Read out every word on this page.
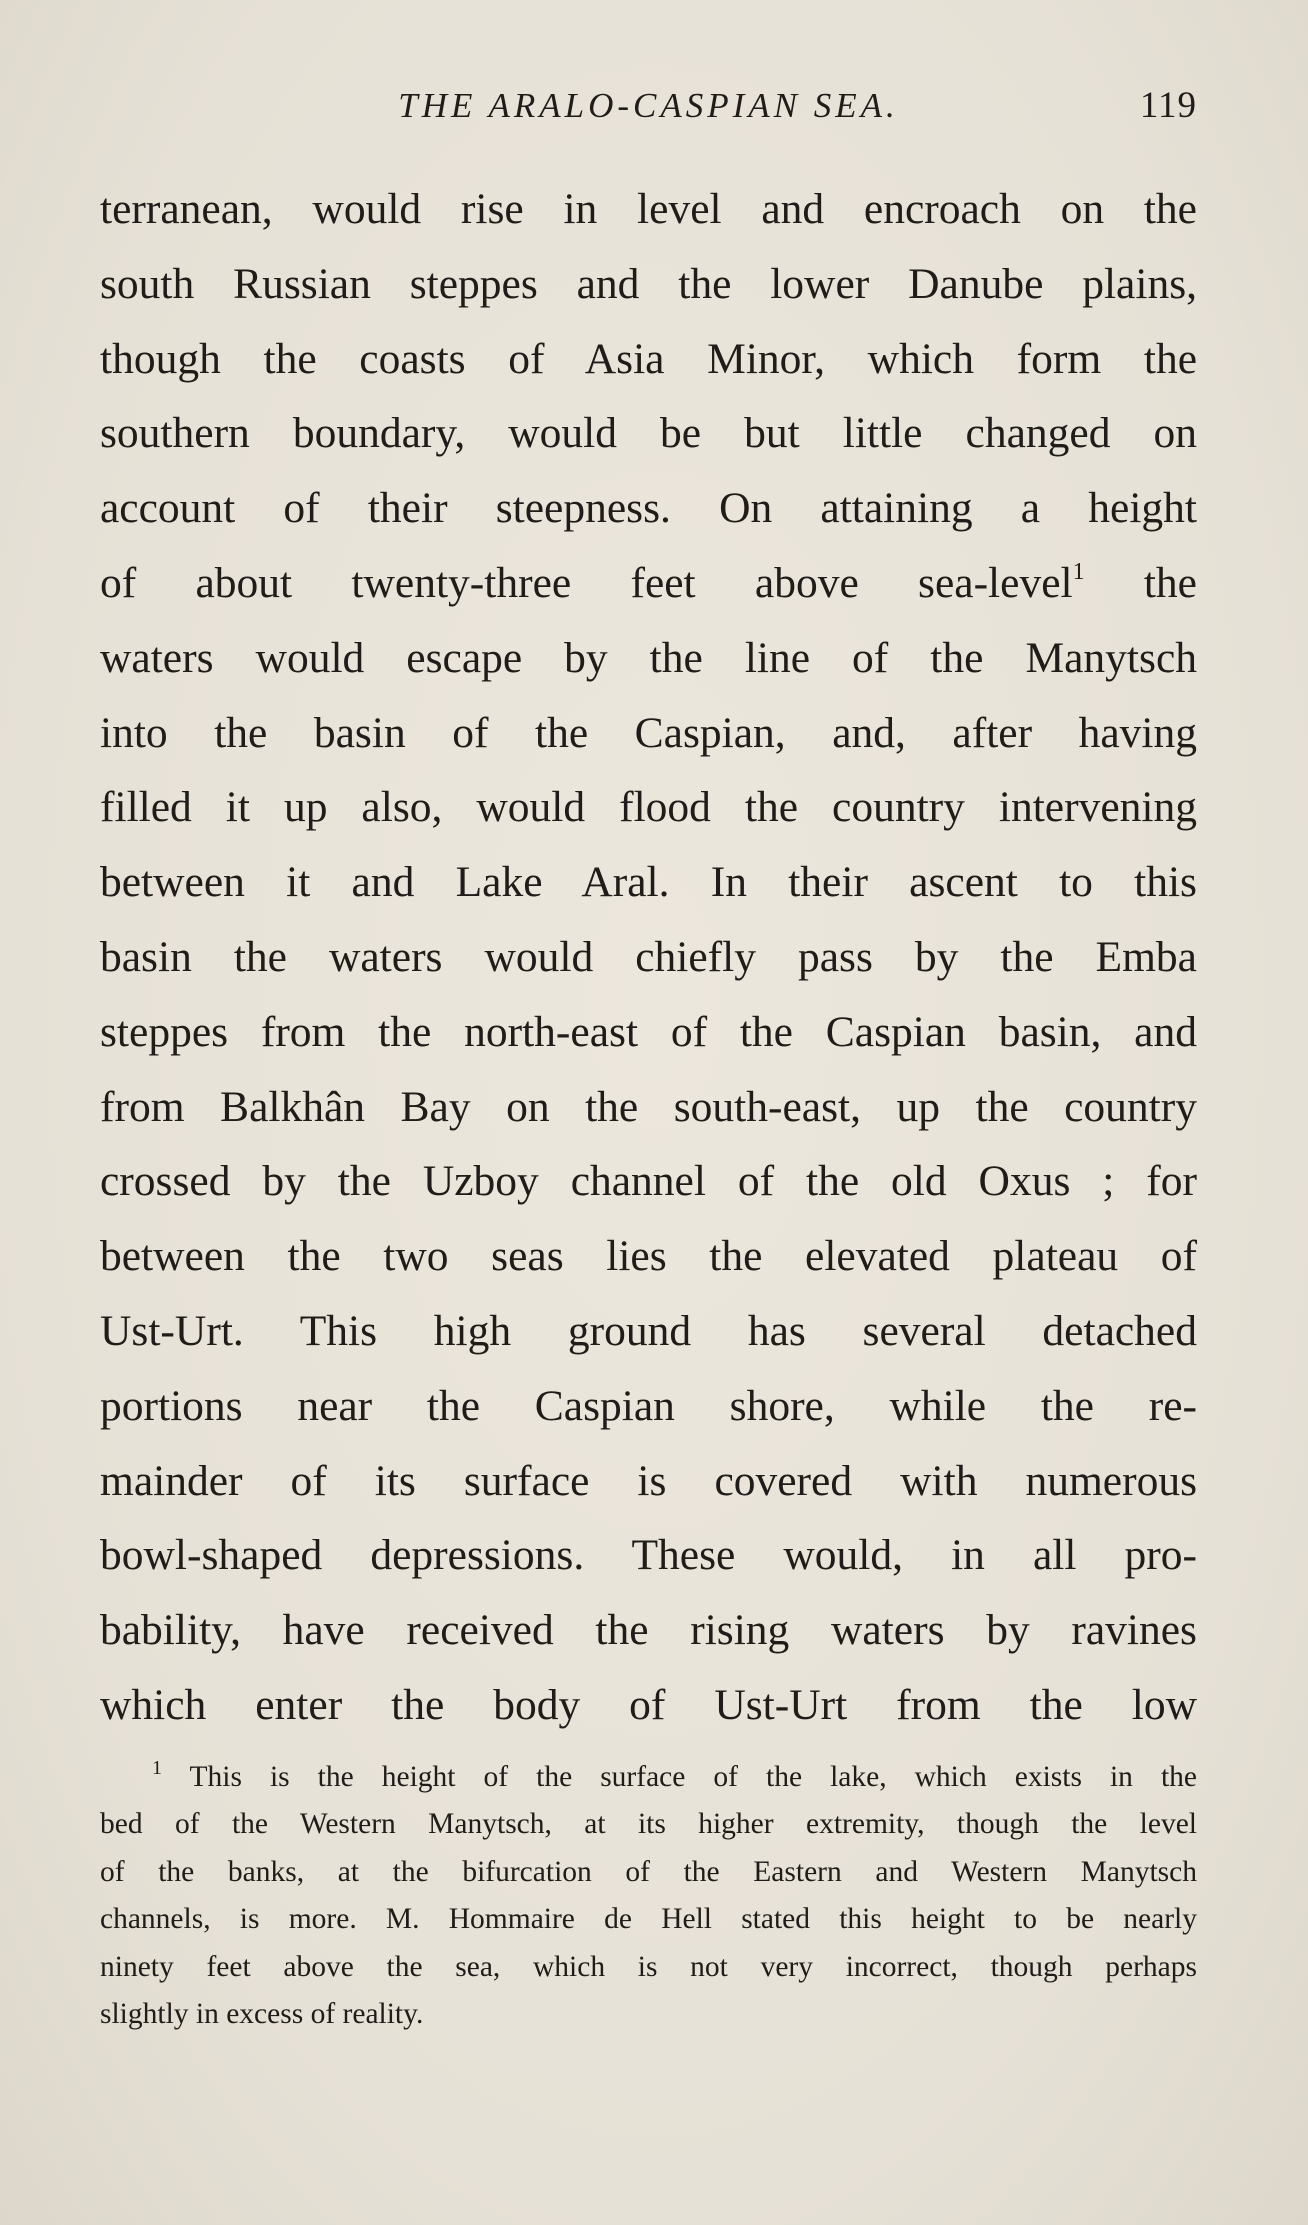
THE ARALO-CASPIAN SEA.	119
terranean, would rise in level and encroach on the
south Russian steppes and the lower Danube plains,
though the coasts of Asia Minor, which form the
southern boundary, would be but little changed on
account of their steepness. On attaining a height
of about twenty-three feet above sea-level$^1$ the
waters would escape by the line of the Manytsch
into the basin of the Caspian, and, after having
filled it up also, would flood the country intervening
between it and Lake Aral. In their ascent to this
basin the waters would chiefly pass by the Emba
steppes from the north-east of the Caspian basin, and
from Balkhân Bay on the south-east, up the country
crossed by the Uzboy channel of the old Oxus ; for
between the two seas lies the elevated plateau of
Ust-Urt. This high ground has several detached
portions near the Caspian shore, while the re-
mainder of its surface is covered with numerous
bowl-shaped depressions. These would, in all pro-
bability, have received the rising waters by ravines
which enter the body of Ust-Urt from the low
$^1$ This is the height of the surface of the lake, which exists in the
bed of the Western Manytsch, at its higher extremity, though the level
of the banks, at the bifurcation of the Eastern and Western Manytsch
channels, is more. M. Hommaire de Hell stated this height to be nearly
ninety feet above the sea, which is not very incorrect, though perhaps
slightly in excess of reality.
